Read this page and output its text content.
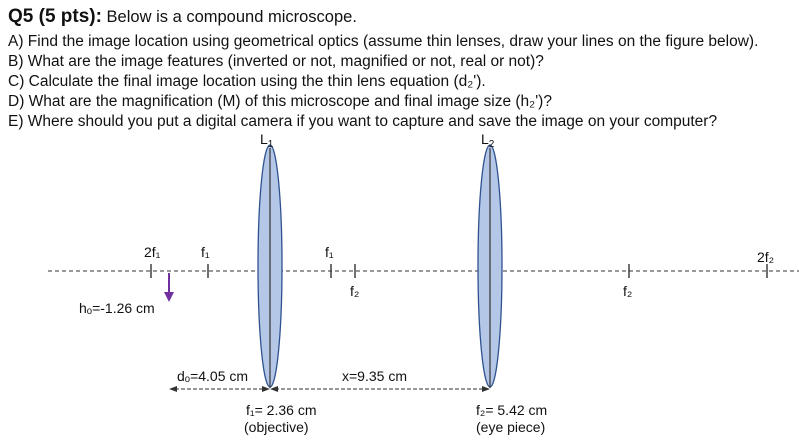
Q5 (5 pts): Below is a compound microscope.
A) Find the image location using geometrical optics (assume thin lenses, draw your lines on the figure below).
B) What are the image features (inverted or not, magnified or not, real or not)?
C) Calculate the final image location using the thin lens equation (d₂').
D) What are the magnification (M) of this microscope and final image size (h₂')?
E) Where should you put a digital camera if you want to capture and save the image on your computer?
$L_1$	$L_2$
2f₁	f₁	f₁
f₂	f₂
2f₂
hₒ=-1.26 cm
dₒ=4.05 cm	x=9.35 cm
f₁= 2.36 cm
(objective)
f₂= 5.42 cm
(eye piece)
